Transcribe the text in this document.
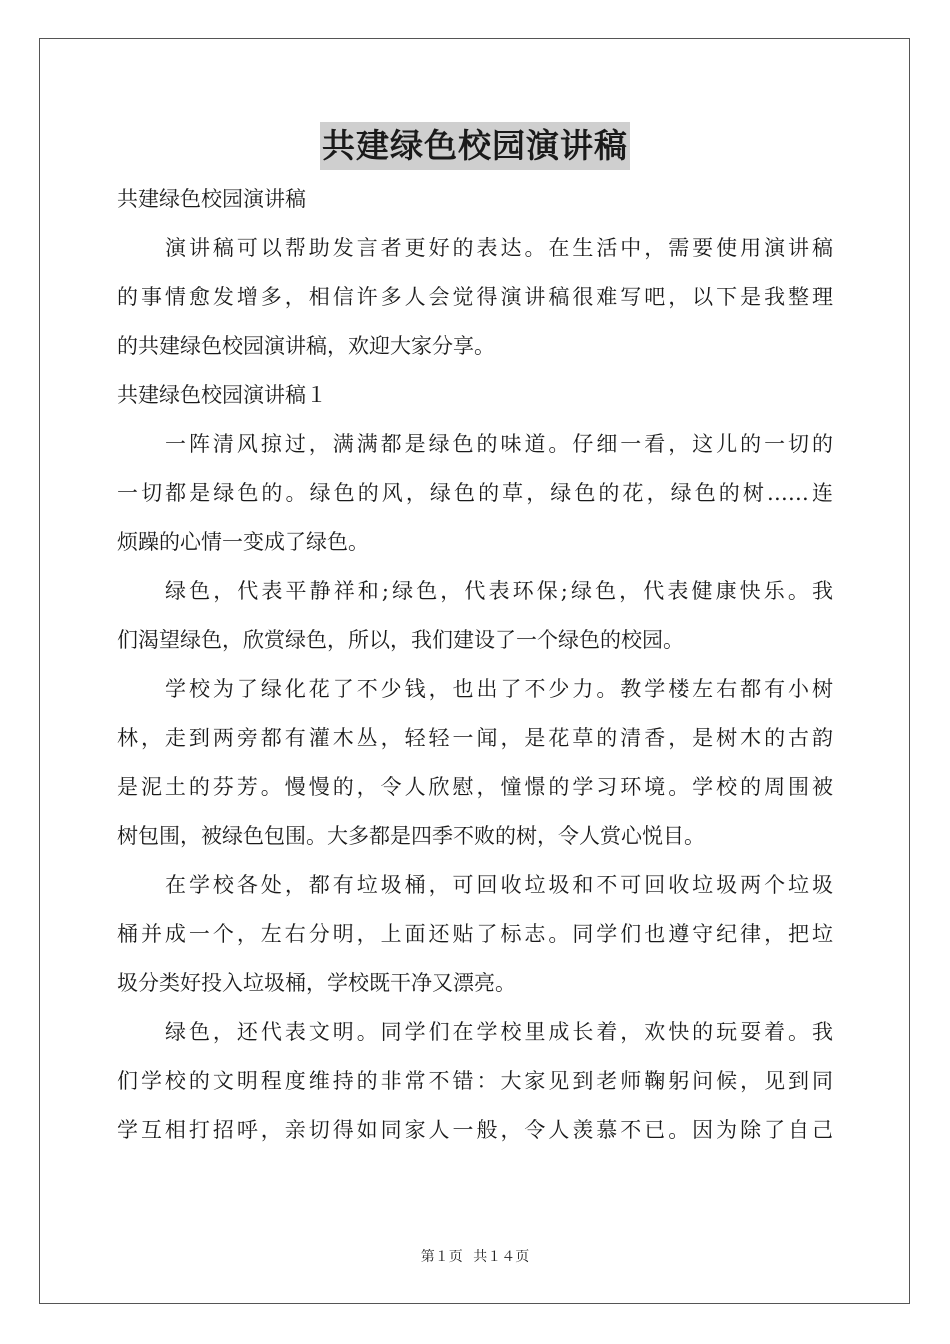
共建绿色校园演讲稿
共建绿色校园演讲稿
演讲稿可以帮助发言者更好的表达。在生活中，需要使用演讲稿
的事情愈发增多，相信许多人会觉得演讲稿很难写吧，以下是我整理
的共建绿色校园演讲稿，欢迎大家分享。
共建绿色校园演讲稿１
一阵清风掠过，满满都是绿色的味道。仔细一看，这儿的一切的
一切都是绿色的。绿色的风，绿色的草，绿色的花，绿色的树……连
烦躁的心情一变成了绿色。
绿色，代表平静祥和;绿色，代表环保;绿色，代表健康快乐。我
们渴望绿色，欣赏绿色，所以，我们建设了一个绿色的校园。
学校为了绿化花了不少钱，也出了不少力。教学楼左右都有小树
林，走到两旁都有灌木丛，轻轻一闻，是花草的清香，是树木的古韵
是泥土的芬芳。慢慢的，令人欣慰，憧憬的学习环境。学校的周围被
树包围，被绿色包围。大多都是四季不败的树，令人赏心悦目。
在学校各处，都有垃圾桶，可回收垃圾和不可回收垃圾两个垃圾
桶并成一个，左右分明，上面还贴了标志。同学们也遵守纪律，把垃
圾分类好投入垃圾桶，学校既干净又漂亮。
绿色，还代表文明。同学们在学校里成长着，欢快的玩耍着。我
们学校的文明程度维持的非常不错：大家见到老师鞠躬问候，见到同
学互相打招呼，亲切得如同家人一般，令人羡慕不已。因为除了自己
第１页 共１４页
